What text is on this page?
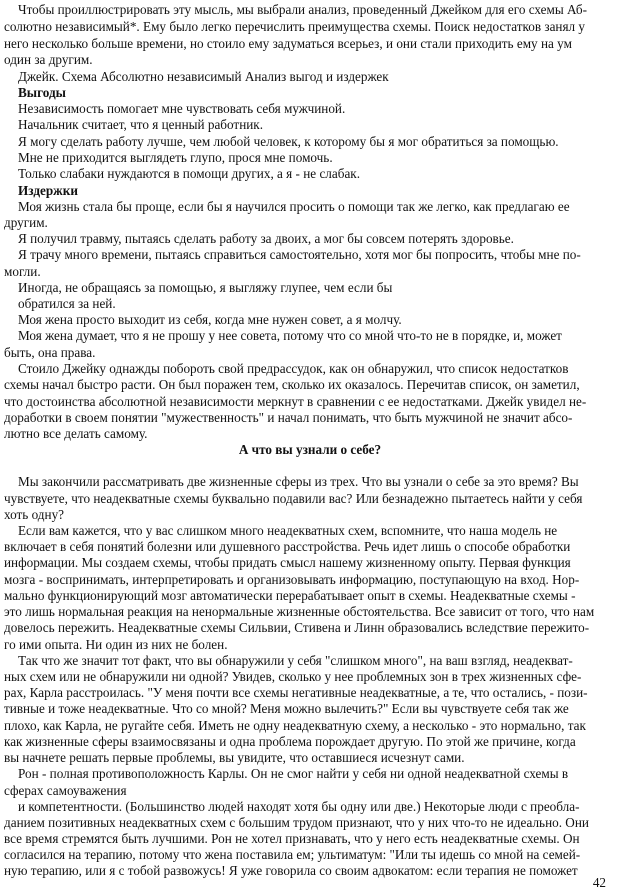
Чтобы проиллюстрировать эту мысль, мы выбрали анализ, проведенный Джейком для его схемы Аб-
солютно независимый*. Ему было легко перечислить преимущества схемы. Поиск недостатков занял у
него несколько больше времени, но стоило ему задуматься всерьез, и они стали приходить ему на ум
один за другим.
Джейк. Схема Абсолютно независимый Анализ выгод и издержек
Выгоды
Независимость помогает мне чувствовать себя мужчиной.
Начальник считает, что я ценный работник.
Я могу сделать работу лучше, чем любой человек, к которому бы я мог обратиться за помощью.
Мне не приходится выглядеть глупо, прося мне помочь.
Только слабаки нуждаются в помощи других, а я - не слабак.
Издержки
Моя жизнь стала бы проще, если бы я научился просить о помощи так же легко, как предлагаю ее
другим.
Я получил травму, пытаясь сделать работу за двоих, а мог бы совсем потерять здоровье.
Я трачу много времени, пытаясь справиться самостоятельно, хотя мог бы попросить, чтобы мне по-
могли.
Иногда, не обращаясь за помощью, я выгляжу глупее, чем если бы
обратился за ней.
Моя жена просто выходит из себя, когда мне нужен совет, а я молчу.
Моя жена думает, что я не прошу у нее совета, потому что со мной что-то не в порядке, и, может
быть, она права.
Стоило Джейку однажды побороть свой предрассудок, как он обнаружил, что список недостатков
схемы начал быстро расти. Он был поражен тем, сколько их оказалось. Перечитав список, он заметил,
что достоинства абсолютной независимости меркнут в сравнении с ее недостатками. Джейк увидел не-
доработки в своем понятии "мужественность" и начал понимать, что быть мужчиной не значит абсо-
лютно все делать самому.
А что вы узнали о себе?
Мы закончили рассматривать две жизненные сферы из трех. Что вы узнали о себе за это время? Вы
чувствуете, что неадекватные схемы буквально подавили вас? Или безнадежно пытаетесь найти у себя
хоть одну?
Если вам кажется, что у вас слишком много неадекватных схем, вспомните, что наша модель не
включает в себя понятий болезни или душевного расстройства. Речь идет лишь о способе обработки
информации. Мы создаем схемы, чтобы придать смысл нашему жизненному опыту. Первая функция
мозга - воспринимать, интерпретировать и организовывать информацию, поступающую на вход. Нор-
мально функционирующий мозг автоматически перерабатывает опыт в схемы. Неадекватные схемы -
это лишь нормальная реакция на ненормальные жизненные обстоятельства. Все зависит от того, что нам
довелось пережить. Неадекватные схемы Сильвии, Стивена и Линн образовались вследствие пережито-
го ими опыта. Ни один из них не болен.
Так что же значит тот факт, что вы обнаружили у себя "слишком много", на ваш взгляд, неадекват-
ных схем или не обнаружили ни одной? Увидев, сколько у нее проблемных зон в трех жизненных сфе-
рах, Карла расстроилась. "У меня почти все схемы негативные неадекватные, а те, что остались, - пози-
тивные и тоже неадекватные. Что со мной? Меня можно вылечить?" Если вы чувствуете себя так же
плохо, как Карла, не ругайте себя. Иметь не одну неадекватную схему, а несколько - это нормально, так
как жизненные сферы взаимосвязаны и одна проблема порождает другую. По этой же причине, когда
вы начнете решать первые проблемы, вы увидите, что оставшиеся исчезнут сами.
Рон - полная противоположность Карлы. Он не смог найти у себя ни одной неадекватной схемы в
сферах самоуважения
и компетентности. (Большинство людей находят хотя бы одну или две.) Некоторые люди с преобла-
данием позитивных неадекватных схем с большим трудом признают, что у них что-то не идеально. Они
все время стремятся быть лучшими. Рон не хотел признавать, что у него есть неадекватные схемы. Он
согласился на терапию, потому что жена поставила ем; ультиматум: "Или ты идешь со мной на семей-
ную терапию, или я с тобой развожусь! Я уже говорила со своим адвокатом: если терапия не поможет
42
